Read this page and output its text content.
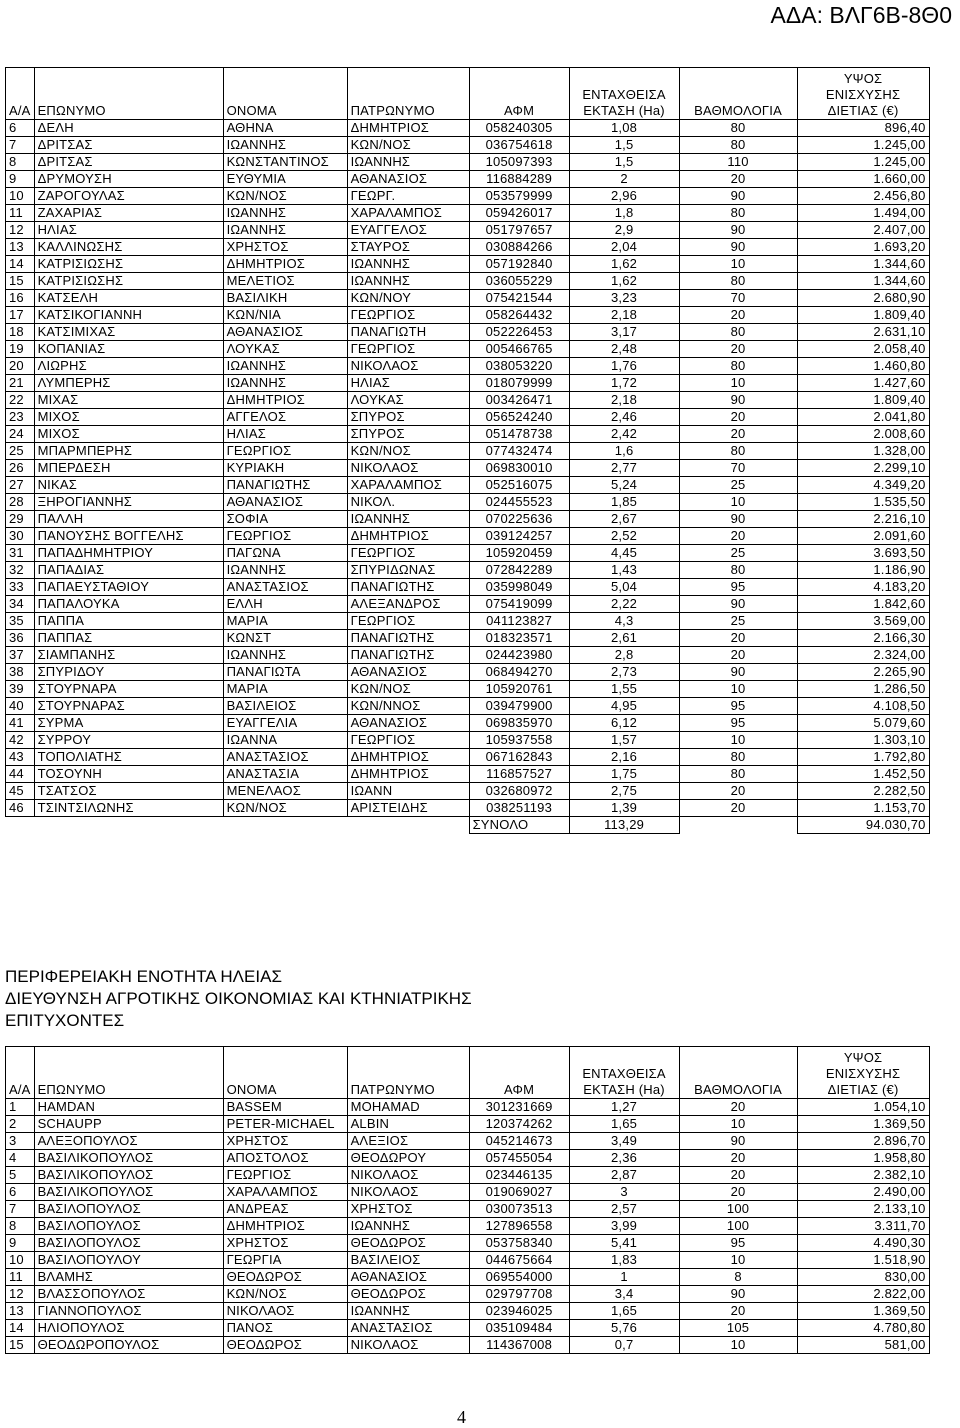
ΑΔΑ: ΒΛΓ6Β-8Θ0
Α/Α	ΕΠΩΝΥΜΟ	ΟΝΟΜΑ	ΠΑΤΡΩΝΥΜΟ	ΑΦΜ	ΕΝΤΑΧΘΕΙΣΑ
ΕΚΤΑΣΗ (Ha)	ΒΑΘΜΟΛΟΓΙΑ	ΥΨΟΣ
ΕΝΙΣΧΥΣΗΣ
ΔΙΕΤΙΑΣ (€)
6	ΔΕΛΗ	ΑΘΗΝΑ	ΔΗΜΗΤΡΙΟΣ	058240305	1,08	80	896,40
7	ΔΡΙΤΣΑΣ	ΙΩΑΝΝΗΣ	ΚΩΝ/ΝΟΣ	036754618	1,5	80	1.245,00
8	ΔΡΙΤΣΑΣ	ΚΩΝΣΤΑΝΤΙΝΟΣ	ΙΩΑΝΝΗΣ	105097393	1,5	110	1.245,00
9	ΔΡΥΜΟΥΣΗ	ΕΥΘΥΜΙΑ	ΑΘΑΝΑΣΙΟΣ	116884289	2	20	1.660,00
10	ΖΑΡΟΓΟΥΛΑΣ	ΚΩΝ/ΝΟΣ	ΓΕΩΡΓ.	053579999	2,96	90	2.456,80
11	ΖΑΧΑΡΙΑΣ	ΙΩΑΝΝΗΣ	ΧΑΡΑΛΑΜΠΟΣ	059426017	1,8	80	1.494,00
12	ΗΛΙΑΣ	ΙΩΑΝΝΗΣ	ΕΥΑΓΓΕΛΟΣ	051797657	2,9	90	2.407,00
13	ΚΑΛΛΙΝΩΣΗΣ	ΧΡΗΣΤΟΣ	ΣΤΑΥΡΟΣ	030884266	2,04	90	1.693,20
14	ΚΑΤΡΙΣΙΩΣΗΣ	ΔΗΜΗΤΡΙΟΣ	ΙΩΑΝΝΗΣ	057192840	1,62	10	1.344,60
15	ΚΑΤΡΙΣΙΩΣΗΣ	ΜΕΛΕΤΙΟΣ	ΙΩΑΝΝΗΣ	036055229	1,62	80	1.344,60
16	ΚΑΤΣΕΛΗ	ΒΑΣΙΛΙΚΗ	ΚΩΝ/ΝΟΥ	075421544	3,23	70	2.680,90
17	ΚΑΤΣΙΚΟΓΙΑΝΝΗ	ΚΩΝ/ΝΙΑ	ΓΕΩΡΓΙΟΣ	058264432	2,18	20	1.809,40
18	ΚΑΤΣΙΜΙΧΑΣ	ΑΘΑΝΑΣΙΟΣ	ΠΑΝΑΓΙΩΤΗ	052226453	3,17	80	2.631,10
19	ΚΟΠΑΝΙΑΣ	ΛΟΥΚΑΣ	ΓΕΩΡΓΙΟΣ	005466765	2,48	20	2.058,40
20	ΛΙΩΡΗΣ	ΙΩΑΝΝΗΣ	ΝΙΚΟΛΑΟΣ	038053220	1,76	80	1.460,80
21	ΛΥΜΠΕΡΗΣ	ΙΩΑΝΝΗΣ	ΗΛΙΑΣ	018079999	1,72	10	1.427,60
22	ΜΙΧΑΣ	ΔΗΜΗΤΡΙΟΣ	ΛΟΥΚΑΣ	003426471	2,18	90	1.809,40
23	ΜΙΧΟΣ	ΑΓΓΕΛΟΣ	ΣΠΥΡΟΣ	056524240	2,46	20	2.041,80
24	ΜΙΧΟΣ	ΗΛΙΑΣ	ΣΠΥΡΟΣ	051478738	2,42	20	2.008,60
25	ΜΠΑΡΜΠΕΡΗΣ	ΓΕΩΡΓΙΟΣ	ΚΩΝ/ΝΟΣ	077432474	1,6	80	1.328,00
26	ΜΠΕΡΔΕΣΗ	ΚΥΡΙΑΚΗ	ΝΙΚΟΛΑΟΣ	069830010	2,77	70	2.299,10
27	ΝΙΚΑΣ	ΠΑΝΑΓΙΩΤΗΣ	ΧΑΡΑΛΑΜΠΟΣ	052516075	5,24	25	4.349,20
28	ΞΗΡΟΓΙΑΝΝΗΣ	ΑΘΑΝΑΣΙΟΣ	ΝΙΚΟΛ.	024455523	1,85	10	1.535,50
29	ΠΑΛΛΗ	ΣΟΦΙΑ	ΙΩΑΝΝΗΣ	070225636	2,67	90	2.216,10
30	ΠΑΝΟΥΣΗΣ ΒΟΓΓΕΛΗΣ	ΓΕΩΡΓΙΟΣ	ΔΗΜΗΤΡΙΟΣ	039124257	2,52	20	2.091,60
31	ΠΑΠΑΔΗΜΗΤΡΙΟΥ	ΠΑΓΩΝΑ	ΓΕΩΡΓΙΟΣ	105920459	4,45	25	3.693,50
32	ΠΑΠΑΔΙΑΣ	ΙΩΑΝΝΗΣ	ΣΠΥΡΙΔΩΝΑΣ	072842289	1,43	80	1.186,90
33	ΠΑΠΑΕΥΣΤΑΘΙΟΥ	ΑΝΑΣΤΑΣΙΟΣ	ΠΑΝΑΓΙΩΤΗΣ	035998049	5,04	95	4.183,20
34	ΠΑΠΑΛΟΥΚΑ	ΕΛΛΗ	ΑΛΕΞΑΝΔΡΟΣ	075419099	2,22	90	1.842,60
35	ΠΑΠΠΑ	ΜΑΡΙΑ	ΓΕΩΡΓΙΟΣ	041123827	4,3	25	3.569,00
36	ΠΑΠΠΑΣ	ΚΩΝΣΤ	ΠΑΝΑΓΙΩΤΗΣ	018323571	2,61	20	2.166,30
37	ΣΙΑΜΠΑΝΗΣ	ΙΩΑΝΝΗΣ	ΠΑΝΑΓΙΩΤΗΣ	024423980	2,8	20	2.324,00
38	ΣΠΥΡΙΔΟΥ	ΠΑΝΑΓΙΩΤΑ	ΑΘΑΝΑΣΙΟΣ	068494270	2,73	90	2.265,90
39	ΣΤΟΥΡΝΑΡΑ	ΜΑΡΙΑ	ΚΩΝ/ΝΟΣ	105920761	1,55	10	1.286,50
40	ΣΤΟΥΡΝΑΡΑΣ	ΒΑΣΙΛΕΙΟΣ	ΚΩΝ/ΝΝΟΣ	039479900	4,95	95	4.108,50
41	ΣΥΡΜΑ	ΕΥΑΓΓΕΛΙΑ	ΑΘΑΝΑΣΙΟΣ	069835970	6,12	95	5.079,60
42	ΣΥΡΡΟΥ	ΙΩΑΝΝΑ	ΓΕΩΡΓΙΟΣ	105937558	1,57	10	1.303,10
43	ΤΟΠΟΛΙΑΤΗΣ	ΑΝΑΣΤΑΣΙΟΣ	ΔΗΜΗΤΡΙΟΣ	067162843	2,16	80	1.792,80
44	ΤΟΣΟΥΝΗ	ΑΝΑΣΤΑΣΙΑ	ΔΗΜΗΤΡΙΟΣ	116857527	1,75	80	1.452,50
45	ΤΣΑΤΣΟΣ	ΜΕΝΕΛΑΟΣ	ΙΩΑΝΝ	032680972	2,75	20	2.282,50
46	ΤΣΙΝΤΣΙΛΩΝΗΣ	ΚΩΝ/ΝΟΣ	ΑΡΙΣΤΕΙΔΗΣ	038251193	1,39	20	1.153,70
				ΣΥΝΟΛΟ	113,29		94.030,70
ΠΕΡΙΦΕΡΕΙΑΚΗ ΕΝΟΤΗΤΑ ΗΛΕΙΑΣ
ΔΙΕΥΘΥΝΣΗ ΑΓΡΟΤΙΚΗΣ ΟΙΚΟΝΟΜΙΑΣ ΚΑΙ ΚΤΗΝΙΑΤΡΙΚΗΣ
ΕΠΙΤΥΧΟΝΤΕΣ
Α/Α	ΕΠΩΝΥΜΟ	ΟΝΟΜΑ	ΠΑΤΡΩΝΥΜΟ	ΑΦΜ	ΕΝΤΑΧΘΕΙΣΑ
ΕΚΤΑΣΗ (Ha)	ΒΑΘΜΟΛΟΓΙΑ	ΥΨΟΣ
ΕΝΙΣΧΥΣΗΣ
ΔΙΕΤΙΑΣ (€)
1	HAMDAN	BASSEM	MOHAMAD	301231669	1,27	20	1.054,10
2	SCHAUPP	PETER-MICHAEL	ALBIN	120374262	1,65	10	1.369,50
3	ΑΛΕΞΟΠΟΥΛΟΣ	ΧΡΗΣΤΟΣ	ΑΛΕΞΙΟΣ	045214673	3,49	90	2.896,70
4	ΒΑΣΙΛΙΚΟΠΟΥΛΟΣ	ΑΠΟΣΤΟΛΟΣ	ΘΕΟΔΩΡΟΥ	057455054	2,36	20	1.958,80
5	ΒΑΣΙΛΙΚΟΠΟΥΛΟΣ	ΓΕΩΡΓΙΟΣ	ΝΙΚΟΛΑΟΣ	023446135	2,87	20	2.382,10
6	ΒΑΣΙΛΙΚΟΠΟΥΛΟΣ	ΧΑΡΑΛΑΜΠΟΣ	ΝΙΚΟΛΑΟΣ	019069027	3	20	2.490,00
7	ΒΑΣΙΛΟΠΟΥΛΟΣ	ΑΝΔΡΕΑΣ	ΧΡΗΣΤΟΣ	030073513	2,57	100	2.133,10
8	ΒΑΣΙΛΟΠΟΥΛΟΣ	ΔΗΜΗΤΡΙΟΣ	ΙΩΑΝΝΗΣ	127896558	3,99	100	3.311,70
9	ΒΑΣΙΛΟΠΟΥΛΟΣ	ΧΡΗΣΤΟΣ	ΘΕΟΔΩΡΟΣ	053758340	5,41	95	4.490,30
10	ΒΑΣΙΛΟΠΟΥΛΟΥ	ΓΕΩΡΓΙΑ	ΒΑΣΙΛΕΙΟΣ	044675664	1,83	10	1.518,90
11	ΒΛΑΜΗΣ	ΘΕΟΔΩΡΟΣ	ΑΘΑΝΑΣΙΟΣ	069554000	1	8	830,00
12	ΒΛΑΣΣΟΠΟΥΛΟΣ	ΚΩΝ/ΝΟΣ	ΘΕΟΔΩΡΟΣ	029797708	3,4	90	2.822,00
13	ΓΙΑΝΝΟΠΟΥΛΟΣ	ΝΙΚΟΛΑΟΣ	ΙΩΑΝΝΗΣ	023946025	1,65	20	1.369,50
14	ΗΛΙΟΠΟΥΛΟΣ	ΠΑΝΟΣ	ΑΝΑΣΤΑΣΙΟΣ	035109484	5,76	105	4.780,80
15	ΘΕΟΔΩΡΟΠΟΥΛΟΣ	ΘΕΟΔΩΡΟΣ	ΝΙΚΟΛΑΟΣ	114367008	0,7	10	581,00
4
